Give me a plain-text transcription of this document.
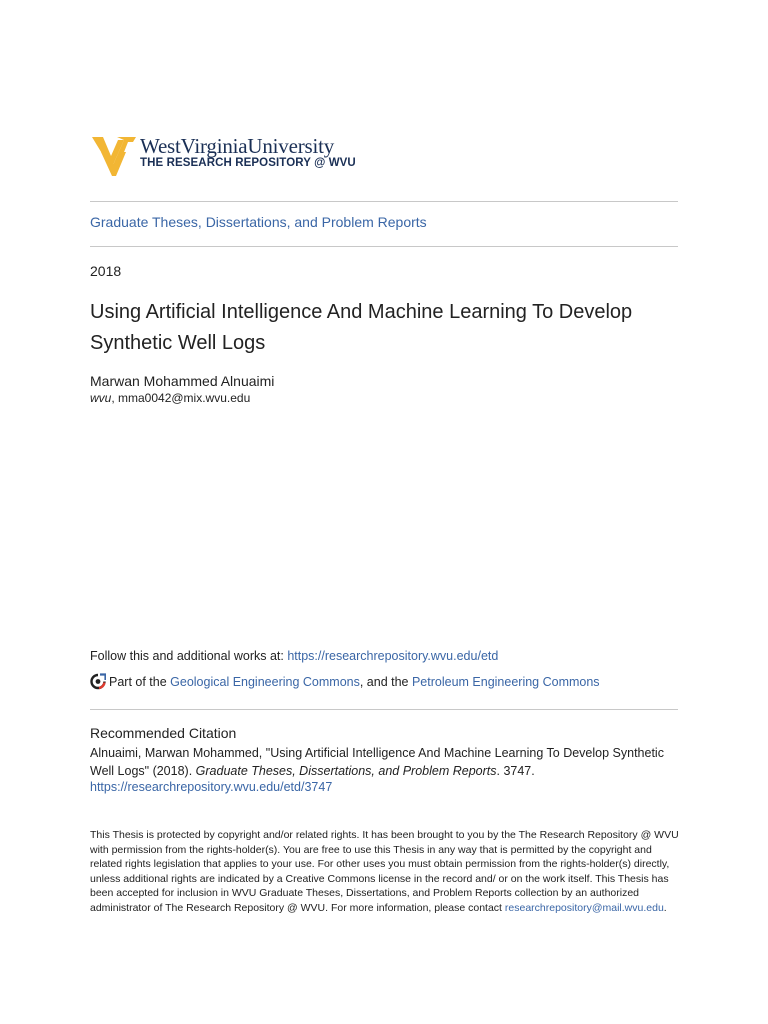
WestVirginiaUniversity
THE RESEARCH REPOSITORY @ WVU
Graduate Theses, Dissertations, and Problem Reports
2018
Using Artificial Intelligence And Machine Learning To Develop Synthetic Well Logs
Marwan Mohammed Alnuaimi
wvu, mma0042@mix.wvu.edu
Follow this and additional works at: https://researchrepository.wvu.edu/etd
Part of the Geological Engineering Commons, and the Petroleum Engineering Commons
Recommended Citation
Alnuaimi, Marwan Mohammed, "Using Artificial Intelligence And Machine Learning To Develop Synthetic Well Logs" (2018). Graduate Theses, Dissertations, and Problem Reports. 3747.
https://researchrepository.wvu.edu/etd/3747
This Thesis is protected by copyright and/or related rights. It has been brought to you by the The Research Repository @ WVU with permission from the rights-holder(s). You are free to use this Thesis in any way that is permitted by the copyright and related rights legislation that applies to your use. For other uses you must obtain permission from the rights-holder(s) directly, unless additional rights are indicated by a Creative Commons license in the record and/ or on the work itself. This Thesis has been accepted for inclusion in WVU Graduate Theses, Dissertations, and Problem Reports collection by an authorized administrator of The Research Repository @ WVU. For more information, please contact researchrepository@mail.wvu.edu.
